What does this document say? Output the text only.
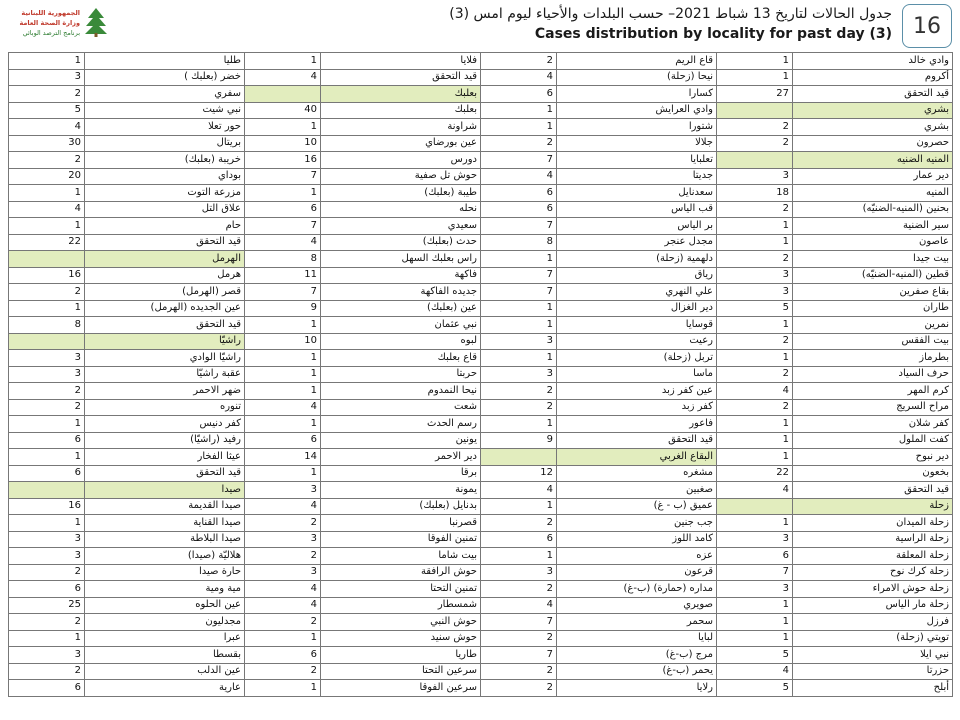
الجمهورية اللبنانية
وزارة الصحة العامة
برنامج الترصد الوبائي
جدول الحالات لتاريخ 13 شباط 2021– حسب البلدات والأحياء ليوم امس (3)
Cases distribution by locality for past day (3) 16
وادي خالد	1	قاع الريم	2	فلايا	1	طليا	1
أكروم	1	نيحا (زحلة)	4	قيد التحقق	4	خضر (بعلبك )	3
قيد التحقق	27	كسارا	6	بعلبك		سفري	2
بشري		وادي العرايش	1	بعلبك	40	نبي شيت	5
بشري	2	شتورا	1	شراونة	1	حور تعلا	4
حصرون	2	جلالا	2	عين بورضاي	10	بريتال	30
المنيه الضنيه		تعلبايا	7	دورس	16	خريبة (بعلبك)	2
دير عمار	3	جديتا	4	حوش تل صفية	7	بوداي	20
المنيه	18	سعدنايل	6	طيبة (بعلبك)	1	مزرعة التوت	1
بحنين (المنيه-الضنيّه)	2	قب الياس	6	نحله	6	علاق التل	4
سير الضنية	1	بر الياس	7	سعيدي	7	حام	1
عاصون	1	مجدل عنجر	8	حدث (بعلبك)	4	قيد التحقق	22
بيت جيدا	2	دلهمية (زحلة)	1	راس بعلبك السهل	8	الهرمل	
قطين (المنيه-الضنيّه)	3	رياق	7	فاكهة	11	هرمل	16
بقاع صفرين	3	علي النهري	7	جديده الفاكهة	7	قصر (الهرمل)	2
طاران	5	دير الغزال	1	عين (بعلبك)	9	عين الجديده (الهرمل)	1
نمرين	1	قوسايا	1	نبي عثمان	1	قيد التحقق	8
بيت الفقس	2	رعيت	3	لبوه	10	راشيّا	
بطرماز	1	تربل (زحلة)	1	قاع بعلبك	1	راشيّا الوادي	3
حرف السياد	2	ماسا	3	حربتا	1	عقبة راشيّا	3
كرم المهر	4	عين كفر زبد	2	نيحا النمدوم	1	ضهر الاحمر	2
مراح السريج	2	كفر زبد	2	شعت	4	تنوره	2
كفر شلان	1	فاعور	1	رسم الحدث	1	كفر دنيس	1
كفت الملول	1	قيد التحقق	9	يونين	6	رفيد (راشيّا)	6
دير نبوح	1	البقاع الغربي		دير الاحمر	14	عيثا الفخار	1
بخعون	22	مشغره	12	برقا	1	قيد التحقق	6
قيد التحقق	4	صغبين	4	يمونة	3	صيدا	
زحلة		عميق (ب - غ)	1	بدنايل (بعلبك)	4	صيدا القديمة	16
زحلة الميدان	1	جب جنين	2	قصرنبا	2	صيدا القناية	1
زحلة الراسية	3	كامد اللوز	6	تمنين الفوقا	3	صيدا البلاطة	3
زحلة المعلقة	6	عزه	1	بيت شاما	2	هلاليّة (صيدا)	3
زحلة كرك نوح	7	قرعون	3	حوش الرافقة	3	حارة صيدا	2
زحلة حوش الامراء	3	مداره (حمارة) (ب-غ)	2	تمنين التحتا	4	مية ومية	6
زحلة مار الياس	1	صويري	4	شمسطار	4	عين الحلوه	25
فرزل	1	سحمر	7	حوش النبي	2	مجدليون	2
تويتي (زحلة)	1	لبايا	2	حوش سنيد	1	عبرا	1
نبي ايلا	5	مرج (ب-غ)	7	طاريا	6	بقسطا	3
حزرتا	4	يحمر (ب-غ)	2	سرعين التحتا	2	عين الدلب	2
أبلح	5	رلايا	2	سرعين الفوقا	1	عارية	6
